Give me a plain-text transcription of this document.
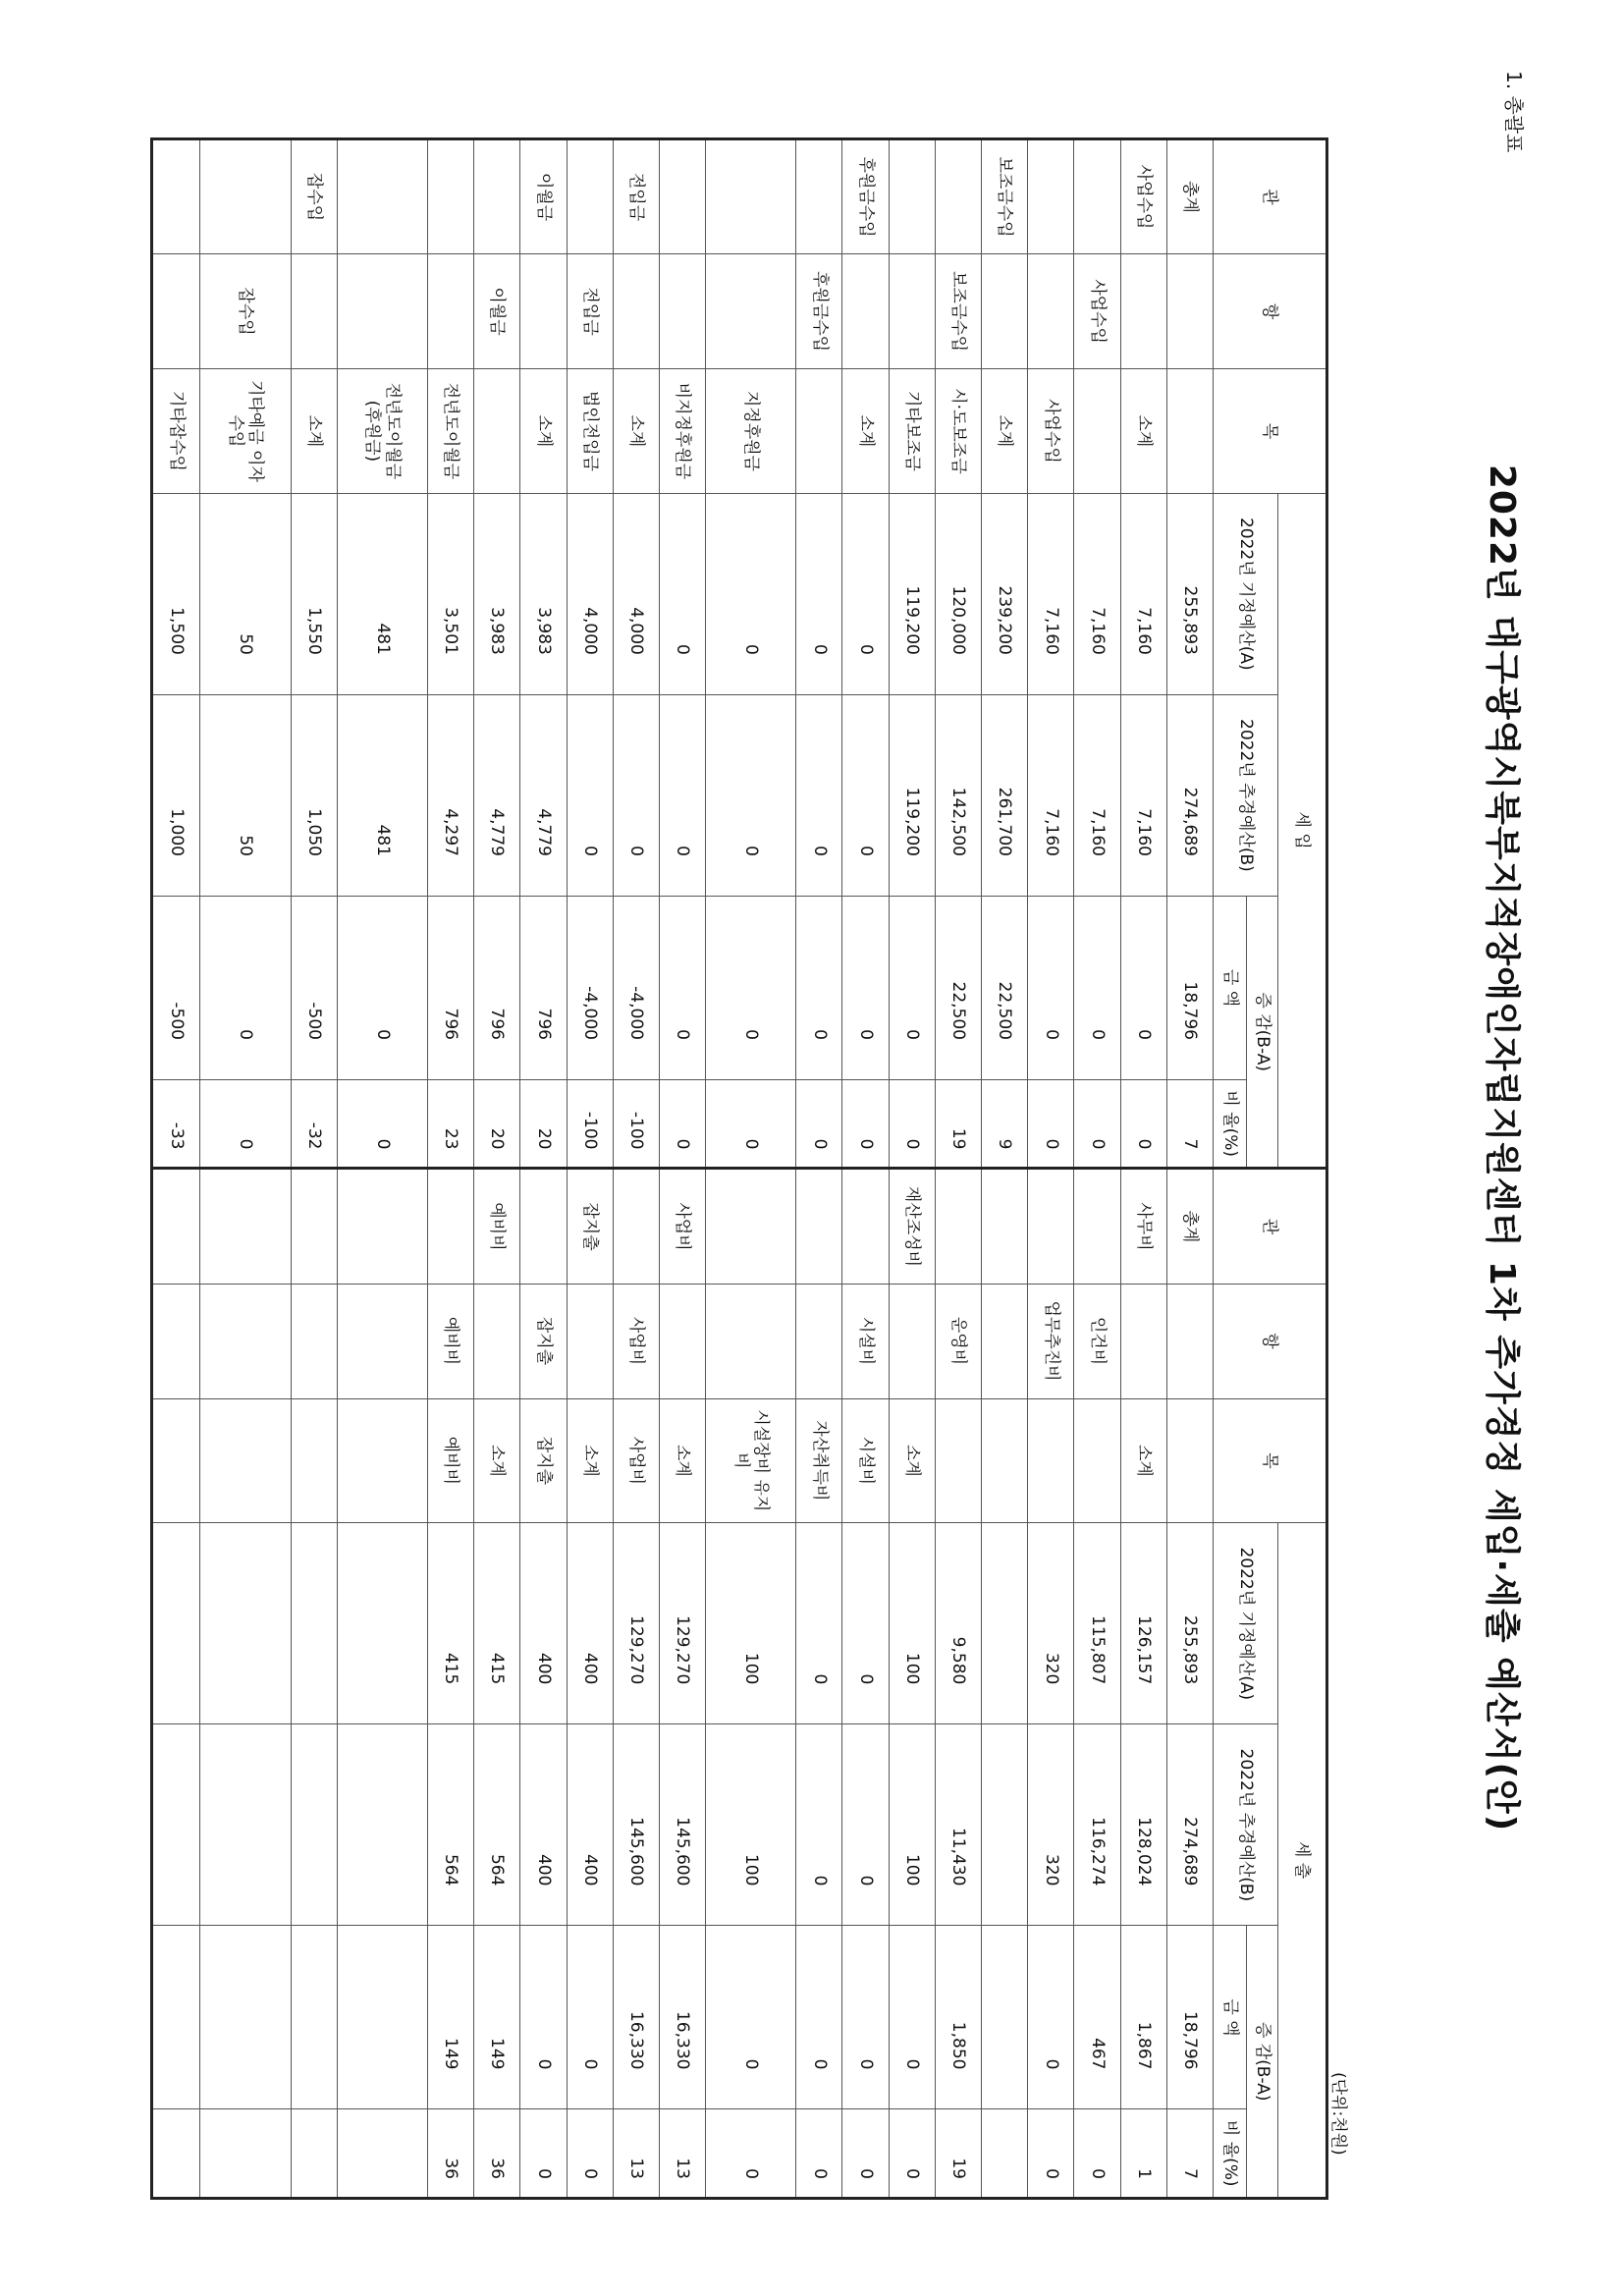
1. 총괄표
2022년 대구광역시북부지적장애인자립지원센터 1차 추가경정 세입·세출 예산서(안)
(단위:천원)
관	항	목	세 입				관	항	목	세 출			
			2022년 기정예산(A)	2022년 추경예산(B)	증 감(B-A)					2022년 기정예산(A)	2022년 추경예산(B)	증 감(B-A)	
					금 액	비 율(%)						금 액	비 율(%)
총계			255,893	274,689	18,796	7	총계			255,893	274,689	18,796	7
사업수입		소계	7,160	7,160	0	0	사무비		소계	126,157	128,024	1,867	1
	사업수입		7,160	7,160	0	0		인건비		115,807	116,274	467	0
		사업수입	7,160	7,160	0	0		업무추진비		320	320	0	0
보조금수입		소계	239,200	261,700	22,500	9							
	보조금수입	시·도보조금	120,000	142,500	22,500	19		운영비		9,580	11,430	1,850	19
		기타보조금	119,200	119,200	0	0	재산조성비		소계	100	100	0	0
후원금수입		소계	0	0	0	0		시설비	시설비	0	0	0	0
	후원금수입		0	0	0	0			자산취득비	0	0	0	0
		지정후원금	0	0	0	0			시설장비 유지비	100	100	0	0
		비지정후원금	0	0	0	0	사업비		소계	129,270	145,600	16,330	13
전입금		소계	4,000	0	-4,000	-100		사업비	사업비	129,270	145,600	16,330	13
	전입금	법인전입금	4,000	0	-4,000	-100	잡지출		소계	400	400	0	0
이월금		소계	3,983	4,779	796	20		잡지출	잡지출	400	400	0	0
	이월금		3,983	4,779	796	20	예비비		소계	415	564	149	36
		전년도이월금	3,501	4,297	796	23		예비비	예비비	415	564	149	36
		전년도이월금 (후원금)	481	481	0	0							
잡수입		소계	1,550	1,050	-500	-32							
	잡수입	기타예금 이자수입	50	50	0	0							
		기타잡수입	1,500	1,000	-500	-33							
